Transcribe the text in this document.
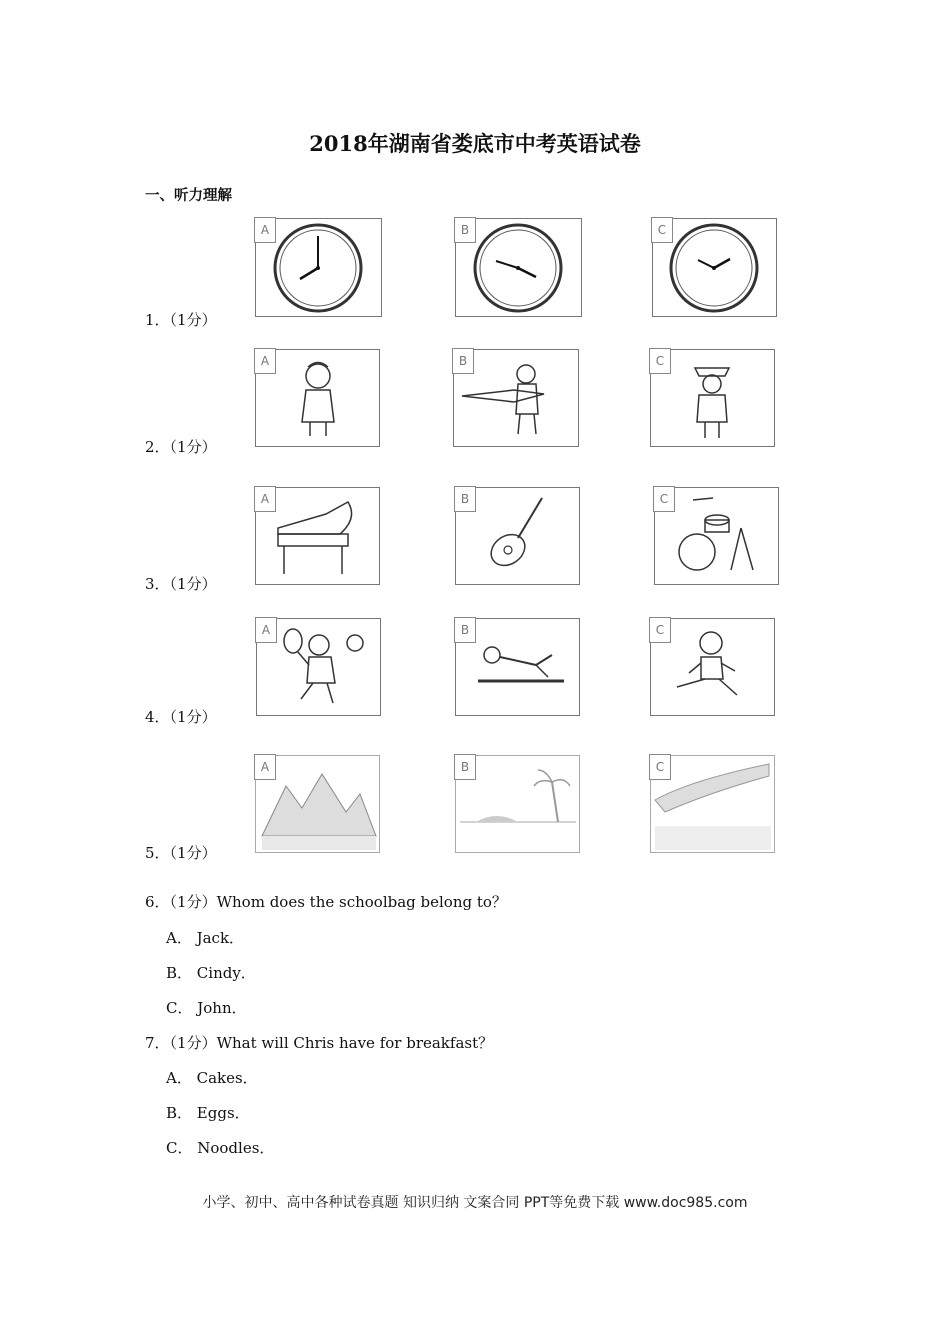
2018年湖南省娄底市中考英语试卷
一、听力理解
1．（1分）
A	B	C
2．（1分）
A	B	C
3．（1分）
A	B	C
4．（1分）
A	B	C
5．（1分）
A	B	C
6．（1分）Whom does the schoolbag belong to？
A． Jack．
B． Cindy．
C． John．
7．（1分）What will Chris have for breakfast？
A． Cakes．
B． Eggs．
C． Noodles．
小学、初中、高中各种试卷真题 知识归纳 文案合同 PPT等免费下载 www.doc985.com
